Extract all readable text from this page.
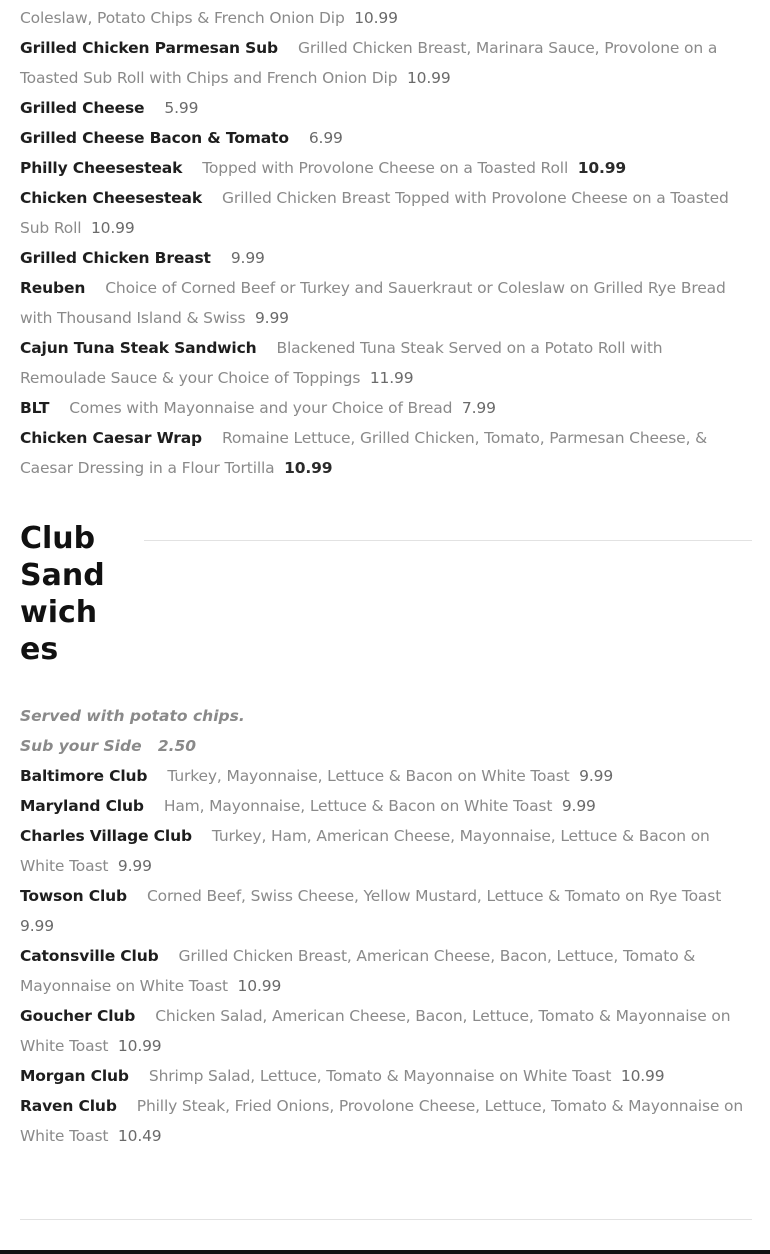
Coleslaw, Potato Chips & French Onion Dip 10.99
Grilled Chicken Parmesan Sub Grilled Chicken Breast, Marinara Sauce, Provolone on a Toasted Sub Roll with Chips and French Onion Dip 10.99
Grilled Cheese 5.99
Grilled Cheese Bacon & Tomato 6.99
Philly Cheesesteak Topped with Provolone Cheese on a Toasted Roll 10.99
Chicken Cheesesteak Grilled Chicken Breast Topped with Provolone Cheese on a Toasted Sub Roll 10.99
Grilled Chicken Breast 9.99
Reuben Choice of Corned Beef or Turkey and Sauerkraut or Coleslaw on Grilled Rye Bread with Thousand Island & Swiss 9.99
Cajun Tuna Steak Sandwich Blackened Tuna Steak Served on a Potato Roll with Remoulade Sauce & your Choice of Toppings 11.99
BLT Comes with Mayonnaise and your Choice of Bread 7.99
Chicken Caesar Wrap Romaine Lettuce, Grilled Chicken, Tomato, Parmesan Cheese, & Caesar Dressing in a Flour Tortilla 10.99
Club Sandwiches
Served with potato chips.
Sub your Side 2.50
Baltimore Club Turkey, Mayonnaise, Lettuce & Bacon on White Toast 9.99
Maryland Club Ham, Mayonnaise, Lettuce & Bacon on White Toast 9.99
Charles Village Club Turkey, Ham, American Cheese, Mayonnaise, Lettuce & Bacon on White Toast 9.99
Towson Club Corned Beef, Swiss Cheese, Yellow Mustard, Lettuce & Tomato on Rye Toast  9.99
Catonsville Club Grilled Chicken Breast, American Cheese, Bacon, Lettuce, Tomato & Mayonnaise on White Toast 10.99
Goucher Club Chicken Salad, American Cheese, Bacon, Lettuce, Tomato & Mayonnaise on White Toast 10.99
Morgan Club Shrimp Salad, Lettuce, Tomato & Mayonnaise on White Toast 10.99
Raven Club Philly Steak, Fried Onions, Provolone Cheese, Lettuce, Tomato & Mayonnaise on White Toast 10.49
